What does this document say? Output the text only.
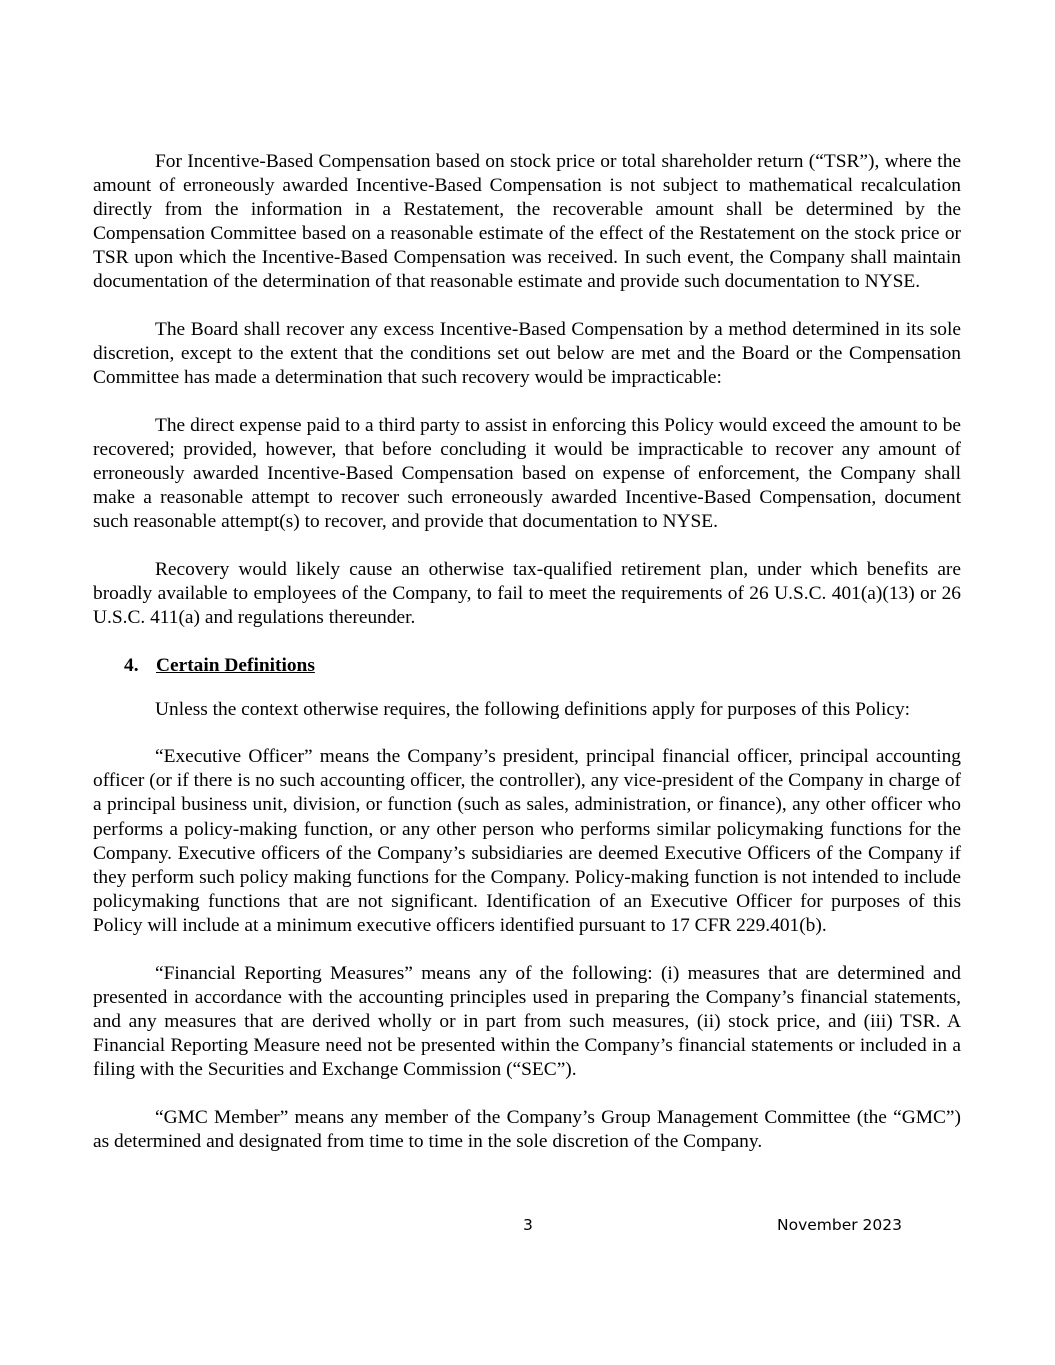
For Incentive-Based Compensation based on stock price or total shareholder return (“TSR”), where the amount of erroneously awarded Incentive-Based Compensation is not subject to mathematical recalculation directly from the information in a Restatement, the recoverable amount shall be determined by the Compensation Committee based on a reasonable estimate of the effect of the Restatement on the stock price or TSR upon which the Incentive-Based Compensation was received. In such event, the Company shall maintain documentation of the determination of that reasonable estimate and provide such documentation to NYSE.

The Board shall recover any excess Incentive-Based Compensation by a method determined in its sole discretion, except to the extent that the conditions set out below are met and the Board or the Compensation Committee has made a determination that such recovery would be impracticable:

The direct expense paid to a third party to assist in enforcing this Policy would exceed the amount to be recovered; provided, however, that before concluding it would be impracticable to recover any amount of erroneously awarded Incentive-Based Compensation based on expense of enforcement, the Company shall make a reasonable attempt to recover such erroneously awarded Incentive-Based Compensation, document such reasonable attempt(s) to recover, and provide that documentation to NYSE.

Recovery would likely cause an otherwise tax-qualified retirement plan, under which benefits are broadly available to employees of the Company, to fail to meet the requirements of 26 U.S.C. 401(a)(13) or 26 U.S.C. 411(a) and regulations thereunder.

4. Certain Definitions

Unless the context otherwise requires, the following definitions apply for purposes of this Policy:

“Executive Officer” means the Company’s president, principal financial officer, principal accounting officer (or if there is no such accounting officer, the controller), any vice-president of the Company in charge of a principal business unit, division, or function (such as sales, administration, or finance), any other officer who performs a policy-making function, or any other person who performs similar policymaking functions for the Company. Executive officers of the Company’s subsidiaries are deemed Executive Officers of the Company if they perform such policy making functions for the Company. Policy-making function is not intended to include policymaking functions that are not significant. Identification of an Executive Officer for purposes of this Policy will include at a minimum executive officers identified pursuant to 17 CFR 229.401(b).

“Financial Reporting Measures” means any of the following: (i) measures that are determined and presented in accordance with the accounting principles used in preparing the Company’s financial statements, and any measures that are derived wholly or in part from such measures, (ii) stock price, and (iii) TSR. A Financial Reporting Measure need not be presented within the Company’s financial statements or included in a filing with the Securities and Exchange Commission (“SEC”).

“GMC Member” means any member of the Company’s Group Management Committee (the “GMC”) as determined and designated from time to time in the sole discretion of the Company.

3	November 2023
